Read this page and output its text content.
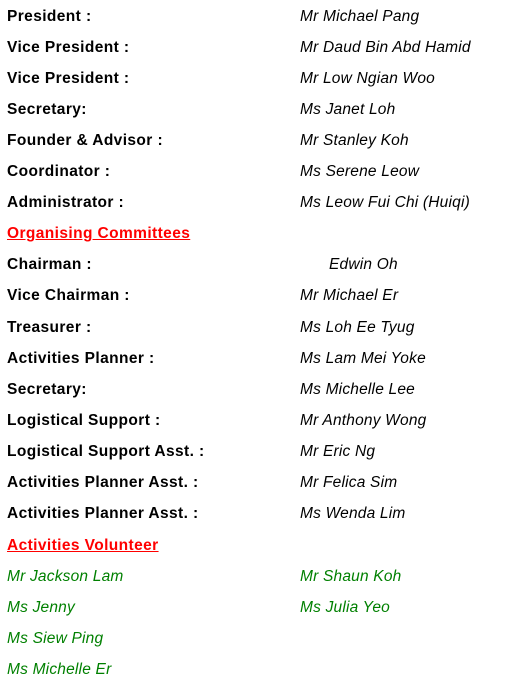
President :	Mr Michael Pang
Vice President :	Mr Daud Bin Abd Hamid
Vice President :	Mr Low Ngian Woo
Secretary:	Ms Janet Loh
Founder & Advisor :	Mr Stanley Koh
Coordinator :	Ms Serene Leow
Administrator :	Ms Leow Fui Chi (Huiqi)
Organising Committees
Chairman :	Edwin Oh
Vice Chairman :	Mr Michael Er
Treasurer :	Ms Loh Ee Tyug
Activities Planner :	Ms Lam Mei Yoke
Secretary:	Ms Michelle Lee
Logistical Support :	Mr Anthony Wong
Logistical Support Asst. :	Mr Eric Ng
Activities Planner Asst. :	Mr Felica Sim
Activities Planner Asst. :	Ms Wenda Lim
Activities Volunteer
Mr Jackson Lam	Mr Shaun Koh
Ms Jenny	Ms Julia Yeo
Ms Siew Ping
Ms Michelle Er
